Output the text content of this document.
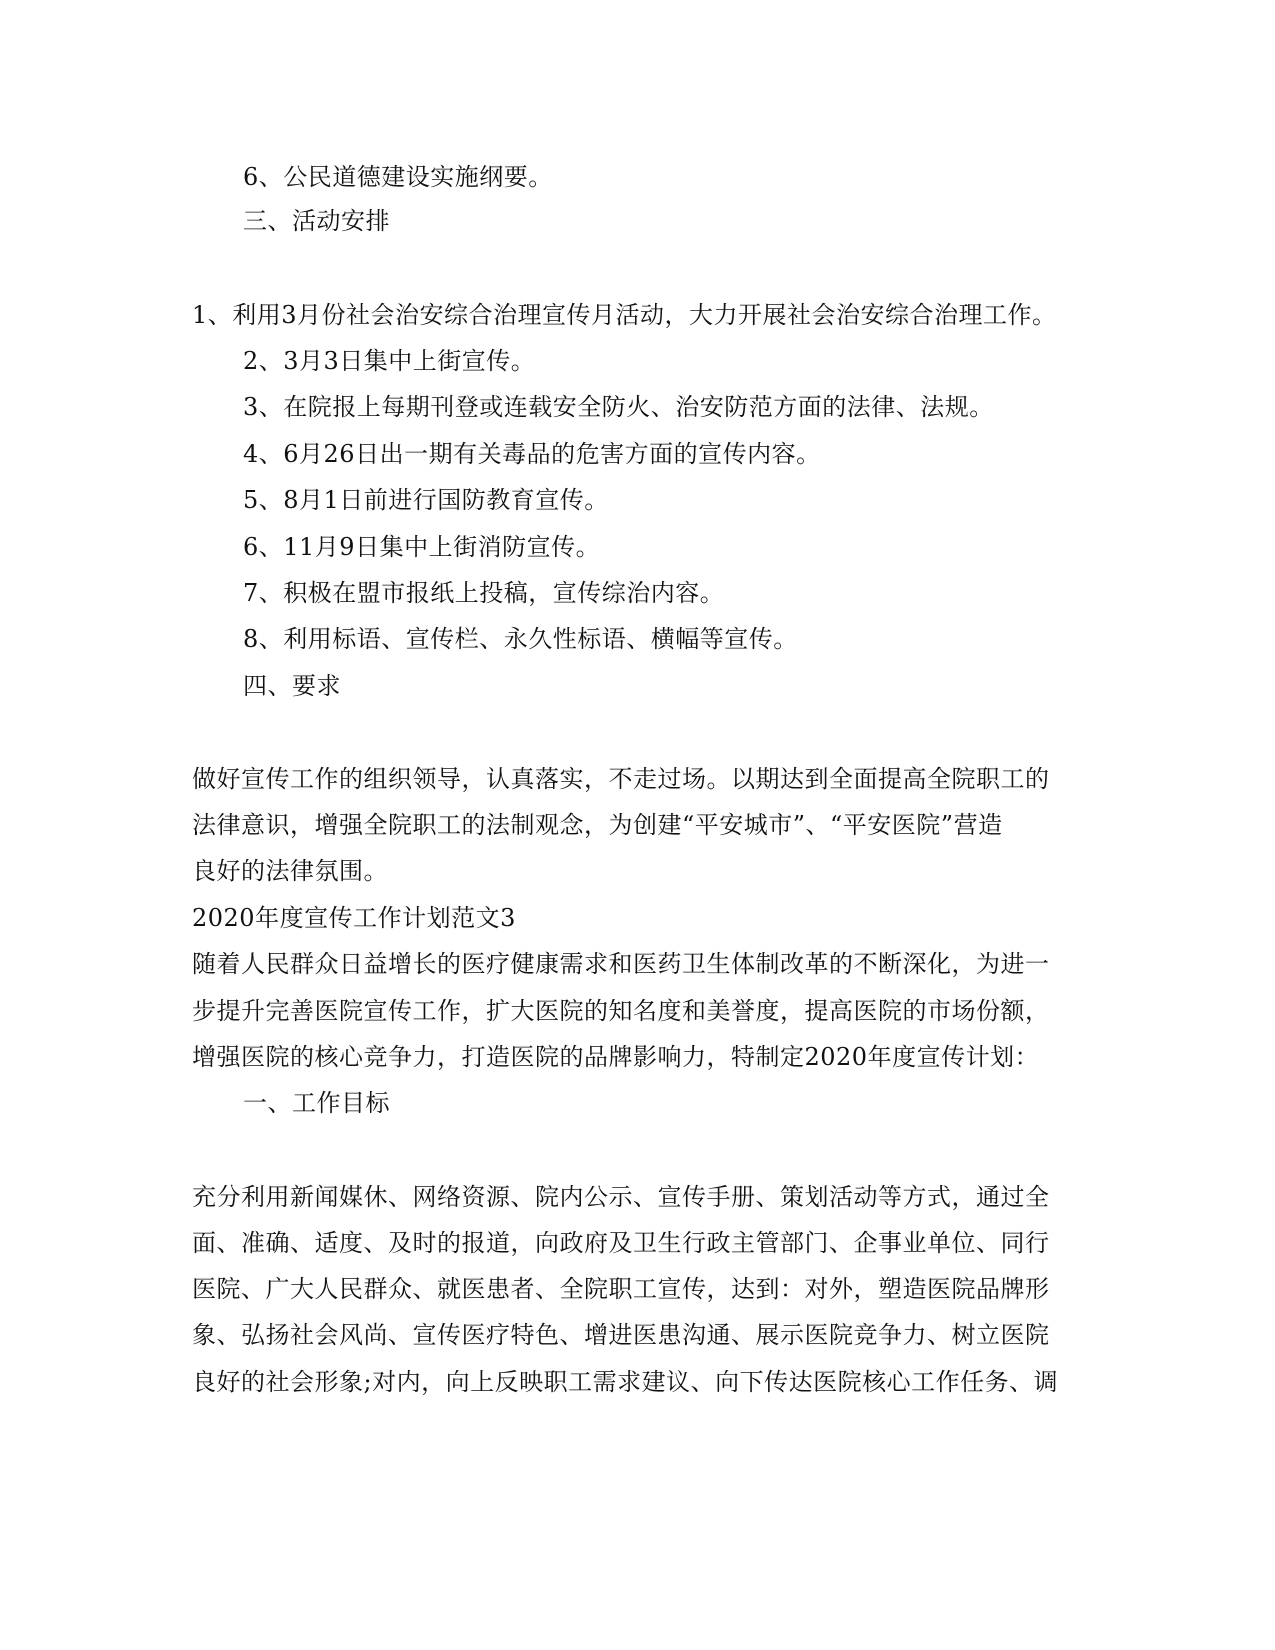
6、公民道德建设实施纲要。
三、活动安排
1、利用3月份社会治安综合治理宣传月活动，大力开展社会治安综合治理工作。
2、3月3日集中上街宣传。
3、在院报上每期刊登或连载安全防火、治安防范方面的法律、法规。
4、6月26日出一期有关毒品的危害方面的宣传内容。
5、8月1日前进行国防教育宣传。
6、11月9日集中上街消防宣传。
7、积极在盟市报纸上投稿，宣传综治内容。
8、利用标语、宣传栏、永久性标语、横幅等宣传。
四、要求
做好宣传工作的组织领导，认真落实，不走过场。以期达到全面提高全院职工的
法律意识，增强全院职工的法制观念，为创建“平安城市”、“平安医院”营造
良好的法律氛围。
2020年度宣传工作计划范文3
随着人民群众日益增长的医疗健康需求和医药卫生体制改革的不断深化，为进一
步提升完善医院宣传工作，扩大医院的知名度和美誉度，提高医院的市场份额，
增强医院的核心竞争力，打造医院的品牌影响力，特制定2020年度宣传计划：
一、工作目标
充分利用新闻媒休、网络资源、院内公示、宣传手册、策划活动等方式，通过全
面、准确、适度、及时的报道，向政府及卫生行政主管部门、企事业单位、同行
医院、广大人民群众、就医患者、全院职工宣传，达到：对外，塑造医院品牌形
象、弘扬社会风尚、宣传医疗特色、增进医患沟通、展示医院竞争力、树立医院
良好的社会形象;对内，向上反映职工需求建议、向下传达医院核心工作任务、调
